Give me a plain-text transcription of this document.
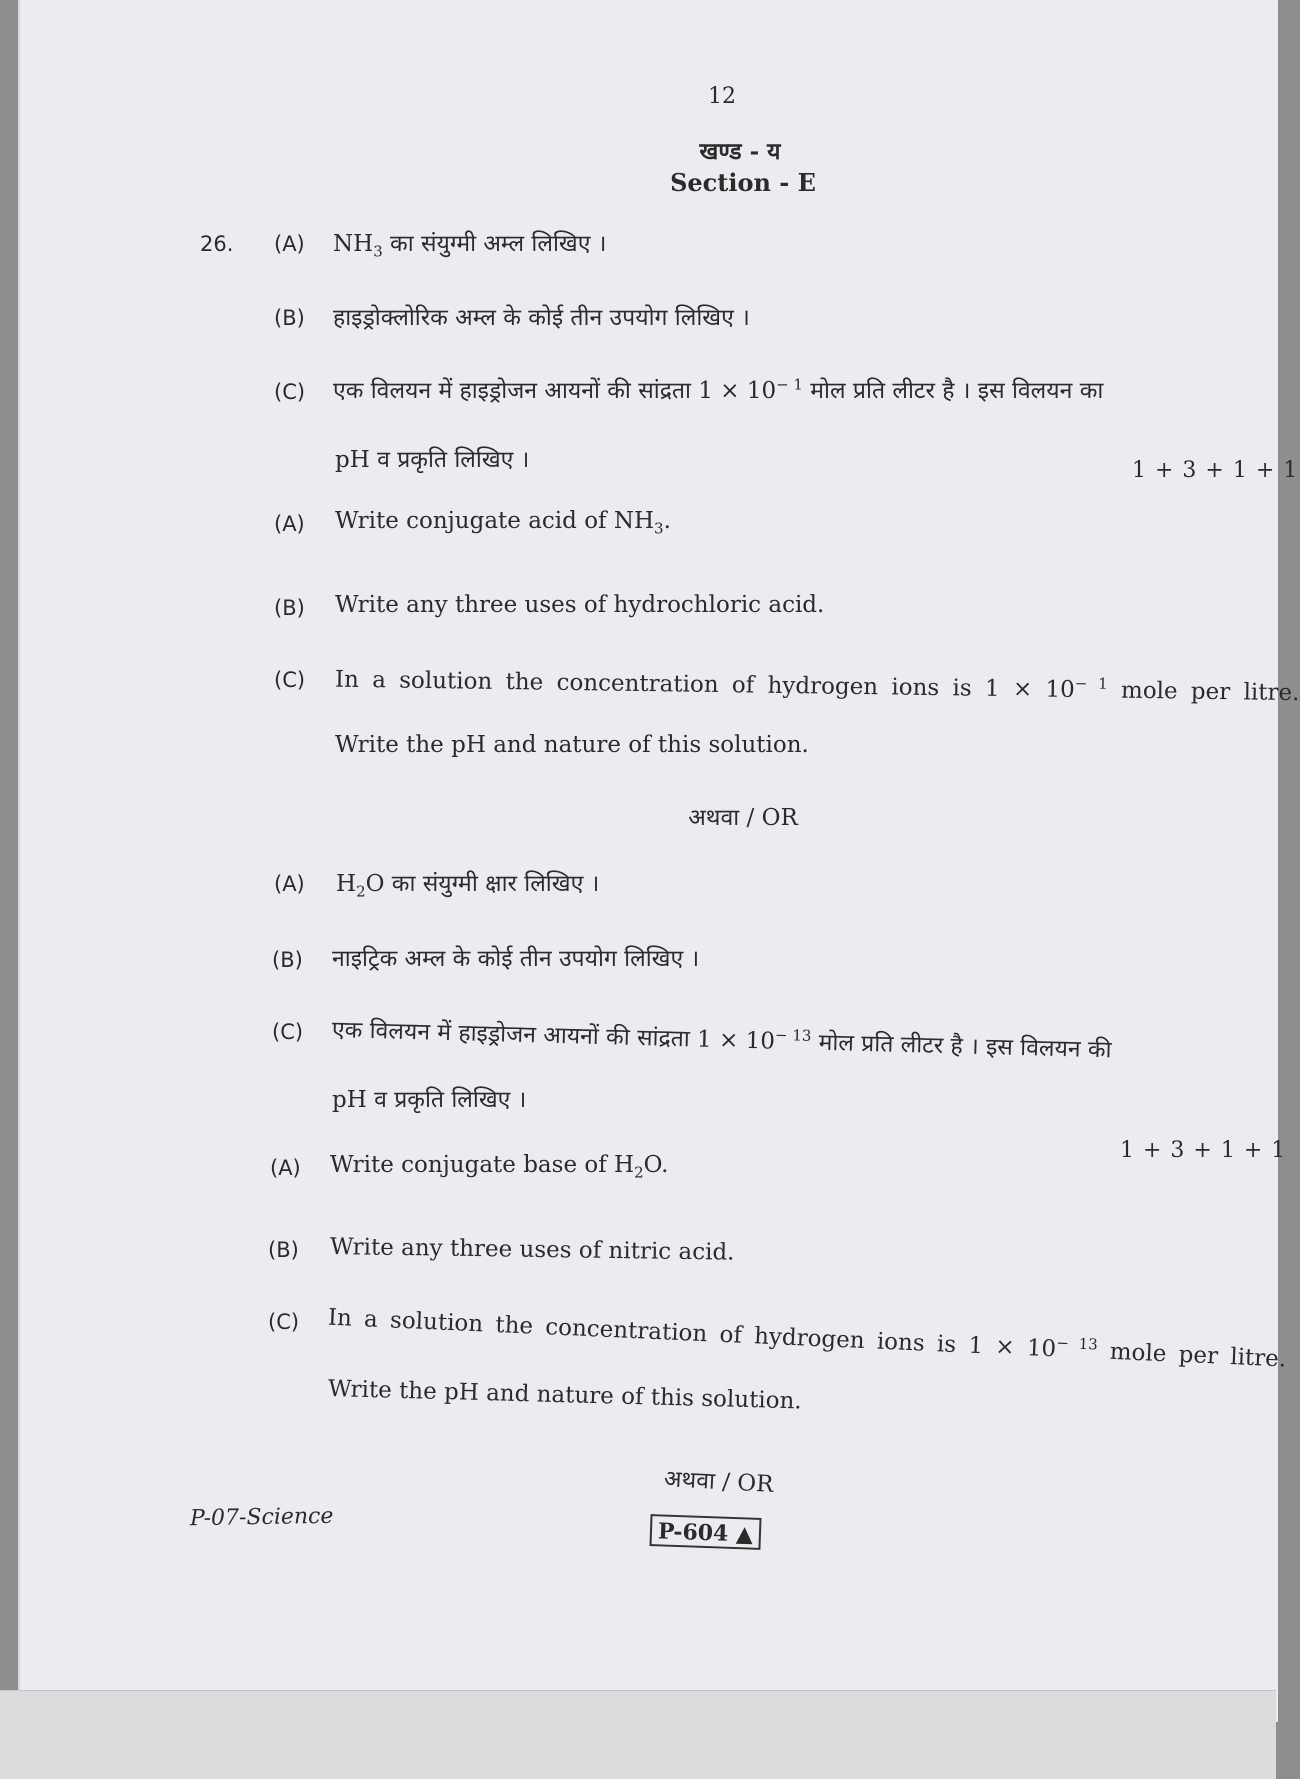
12
खण्ड - य
Section - E
26. (A) $NH_3$ का संयुग्मी अम्ल लिखिए ।
(B) हाइड्रोक्लोरिक अम्ल के कोई तीन उपयोग लिखिए ।
(C) एक विलयन में हाइड्रोजन आयनों की सांद्रता $1 \times 10^{- 1}$ मोल प्रति लीटर है । इस विलयन का
pH व प्रकृति लिखिए ।	1 + 3 + 1 + 1
(A) Write conjugate acid of $NH_3$.
(B) Write any three uses of hydrochloric acid.
(C) In a solution the concentration of hydrogen ions is $1 \times 10^{- 1}$ mole per litre.
Write the pH and nature of this solution.
अथवा / OR
(A) $H_2O$ का संयुग्मी क्षार लिखिए ।
(B) नाइट्रिक अम्ल के कोई तीन उपयोग लिखिए ।
(C) एक विलयन में हाइड्रोजन आयनों की सांद्रता $1 \times 10^{- 13}$ मोल प्रति लीटर है । इस विलयन की
pH व प्रकृति लिखिए ।
1 + 3 + 1 + 1
(A) Write conjugate base of $H_2O$.
(B) Write any three uses of nitric acid.
(C) In a solution the concentration of hydrogen ions is $1 \times 10^{- 13}$ mole per litre.
Write the pH and nature of this solution.
अथवा / OR
P-07-Science
P-604 ▲
